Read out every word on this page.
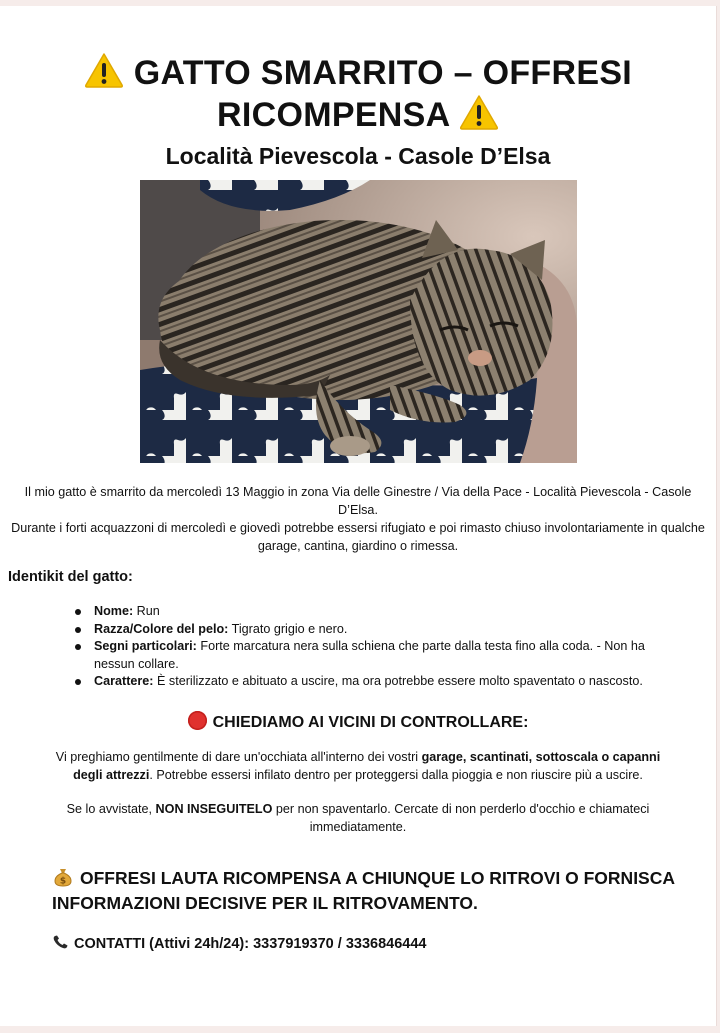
GATTO SMARRITO – OFFRESI
RICOMPENSA

Località Pievescola - Casole D’Elsa

Il mio gatto è smarrito da mercoledì 13 Maggio in zona Via delle Ginestre / Via della Pace - Località Pievescola - Casole D’Elsa.

Durante i forti acquazzoni di mercoledì e giovedì potrebbe essersi rifugiato e poi rimasto chiuso involontariamente in qualche garage, cantina, giardino o rimessa.

Identikit del gatto:
Nome: Run
Razza/Colore del pelo: Tigrato grigio e nero.
Segni particolari: Forte marcatura nera sulla schiena che parte dalla testa fino alla coda. - Non ha nessun collare.
Carattere: È sterilizzato e abituato a uscire, ma ora potrebbe essere molto spaventato o nascosto.
CHIEDIAMO AI VICINI DI CONTROLLARE:

Vi preghiamo gentilmente di dare un'occhiata all'interno dei vostri garage, scantinati, sottoscala o capanni degli attrezzi. Potrebbe essersi infilato dentro per proteggersi dalla pioggia e non riuscire più a uscire.

Se lo avvistate, NON INSEGUITELO per non spaventarlo. Cercate di non perderlo d'occhio e chiamateci immediatamente.

$ OFFRESI LAUTA RICOMPENSA A CHIUNQUE LO RITROVI O FORNISCA INFORMAZIONI DECISIVE PER IL RITROVAMENTO.
CONTATTI (Attivi 24h/24): 3337919370 / 3336846444
